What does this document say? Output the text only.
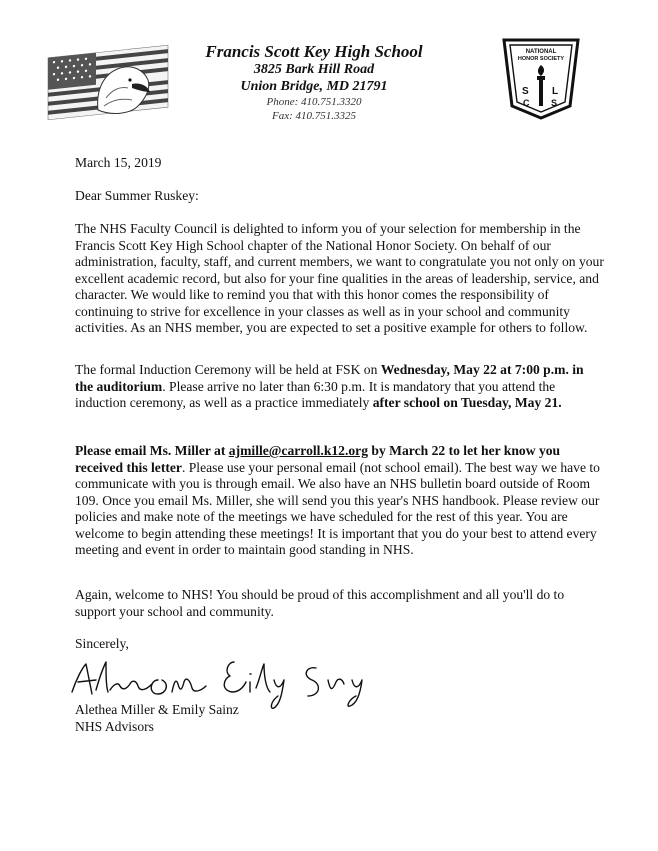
Francis Scott Key High School
3825 Bark Hill Road
Union Bridge, MD 21791
Phone: 410.751.3320
Fax: 410.751.3325
NATIONAL
HONOR SOCIETY
S L
C S
March 15, 2019
Dear Summer Ruskey:
The NHS Faculty Council is delighted to inform you of your selection for membership in the Francis Scott Key High School chapter of the National Honor Society. On behalf of our administration, faculty, staff, and current members, we want to congratulate you not only on your excellent academic record, but also for your fine qualities in the areas of leadership, service, and character. We would like to remind you that with this honor comes the responsibility of continuing to strive for excellence in your classes as well as in your school and community activities. As an NHS member, you are expected to set a positive example for others to follow.
The formal Induction Ceremony will be held at FSK on Wednesday, May 22 at 7:00 p.m. in the auditorium. Please arrive no later than 6:30 p.m. It is mandatory that you attend the induction ceremony, as well as a practice immediately after school on Tuesday, May 21.
Please email Ms. Miller at ajmille@carroll.k12.org by March 22 to let her know you received this letter. Please use your personal email (not school email). The best way we have to communicate with you is through email. We also have an NHS bulletin board outside of Room 109. Once you email Ms. Miller, she will send you this year's NHS handbook. Please review our policies and make note of the meetings we have scheduled for the rest of this year. You are welcome to begin attending these meetings! It is important that you do your best to attend every meeting and event in order to maintain good standing in NHS.
Again, welcome to NHS! You should be proud of this accomplishment and all you'll do to support your school and community.
Sincerely,
Alethea Miller & Emily Sainz
NHS Advisors
